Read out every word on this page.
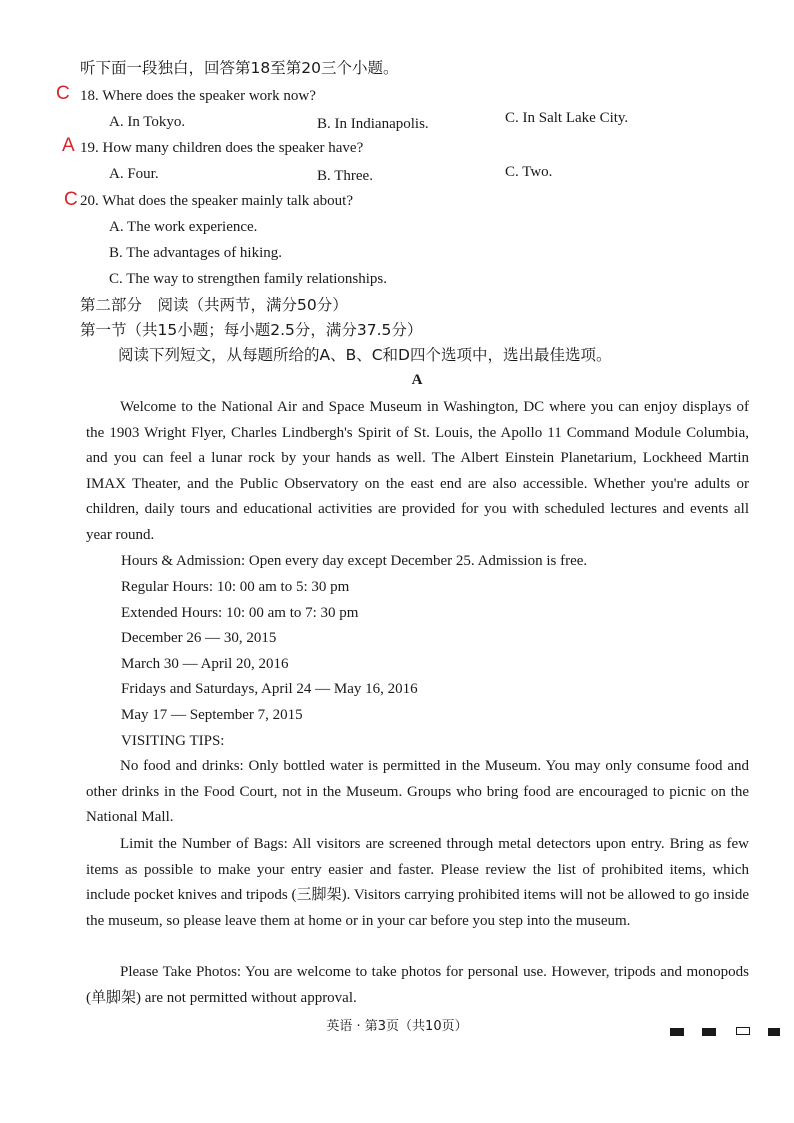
听下面一段独白，回答第18至第20三个小题。
C 18. Where does the speaker work now?
A. In Tokyo.	B. In Indianapolis.	C. In Salt Lake City.
A 19. How many children does the speaker have?
A. Four.	B. Three.	C. Two.
C 20. What does the speaker mainly talk about?
A. The work experience.
B. The advantages of hiking.
C. The way to strengthen family relationships.
第二部分　阅读（共两节，满分50分）
第一节（共15小题；每小题2.5分，满分37.5分）
阅读下列短文，从每题所给的A、B、C和D四个选项中，选出最佳选项。
A
Welcome to the National Air and Space Museum in Washington, DC where you can enjoy displays of the 1903 Wright Flyer, Charles Lindbergh's Spirit of St. Louis, the Apollo 11 Command Module Columbia, and you can feel a lunar rock by your hands as well. The Albert Einstein Planetarium, Lockheed Martin IMAX Theater, and the Public Observatory on the east end are also accessible. Whether you're adults or children, daily tours and educational activities are provided for you with scheduled lectures and events all year round.
Hours & Admission: Open every day except December 25. Admission is free.
Regular Hours: 10: 00 am to 5: 30 pm
Extended Hours: 10: 00 am to 7: 30 pm
December 26 — 30, 2015
March 30 — April 20, 2016
Fridays and Saturdays, April 24 — May 16, 2016
May 17 — September 7, 2015
VISITING TIPS:
No food and drinks: Only bottled water is permitted in the Museum. You may only consume food and other drinks in the Food Court, not in the Museum. Groups who bring food are encouraged to picnic on the National Mall.
Limit the Number of Bags: All visitors are screened through metal detectors upon entry. Bring as few items as possible to make your entry easier and faster. Please review the list of prohibited items, which include pocket knives and tripods (三脚架). Visitors carrying prohibited items will not be allowed to go inside the museum, so please leave them at home or in your car before you step into the museum.
Please Take Photos: You are welcome to take photos for personal use. However, tripods and monopods (单脚架) are not permitted without approval.
英语 · 第3页（共10页）
